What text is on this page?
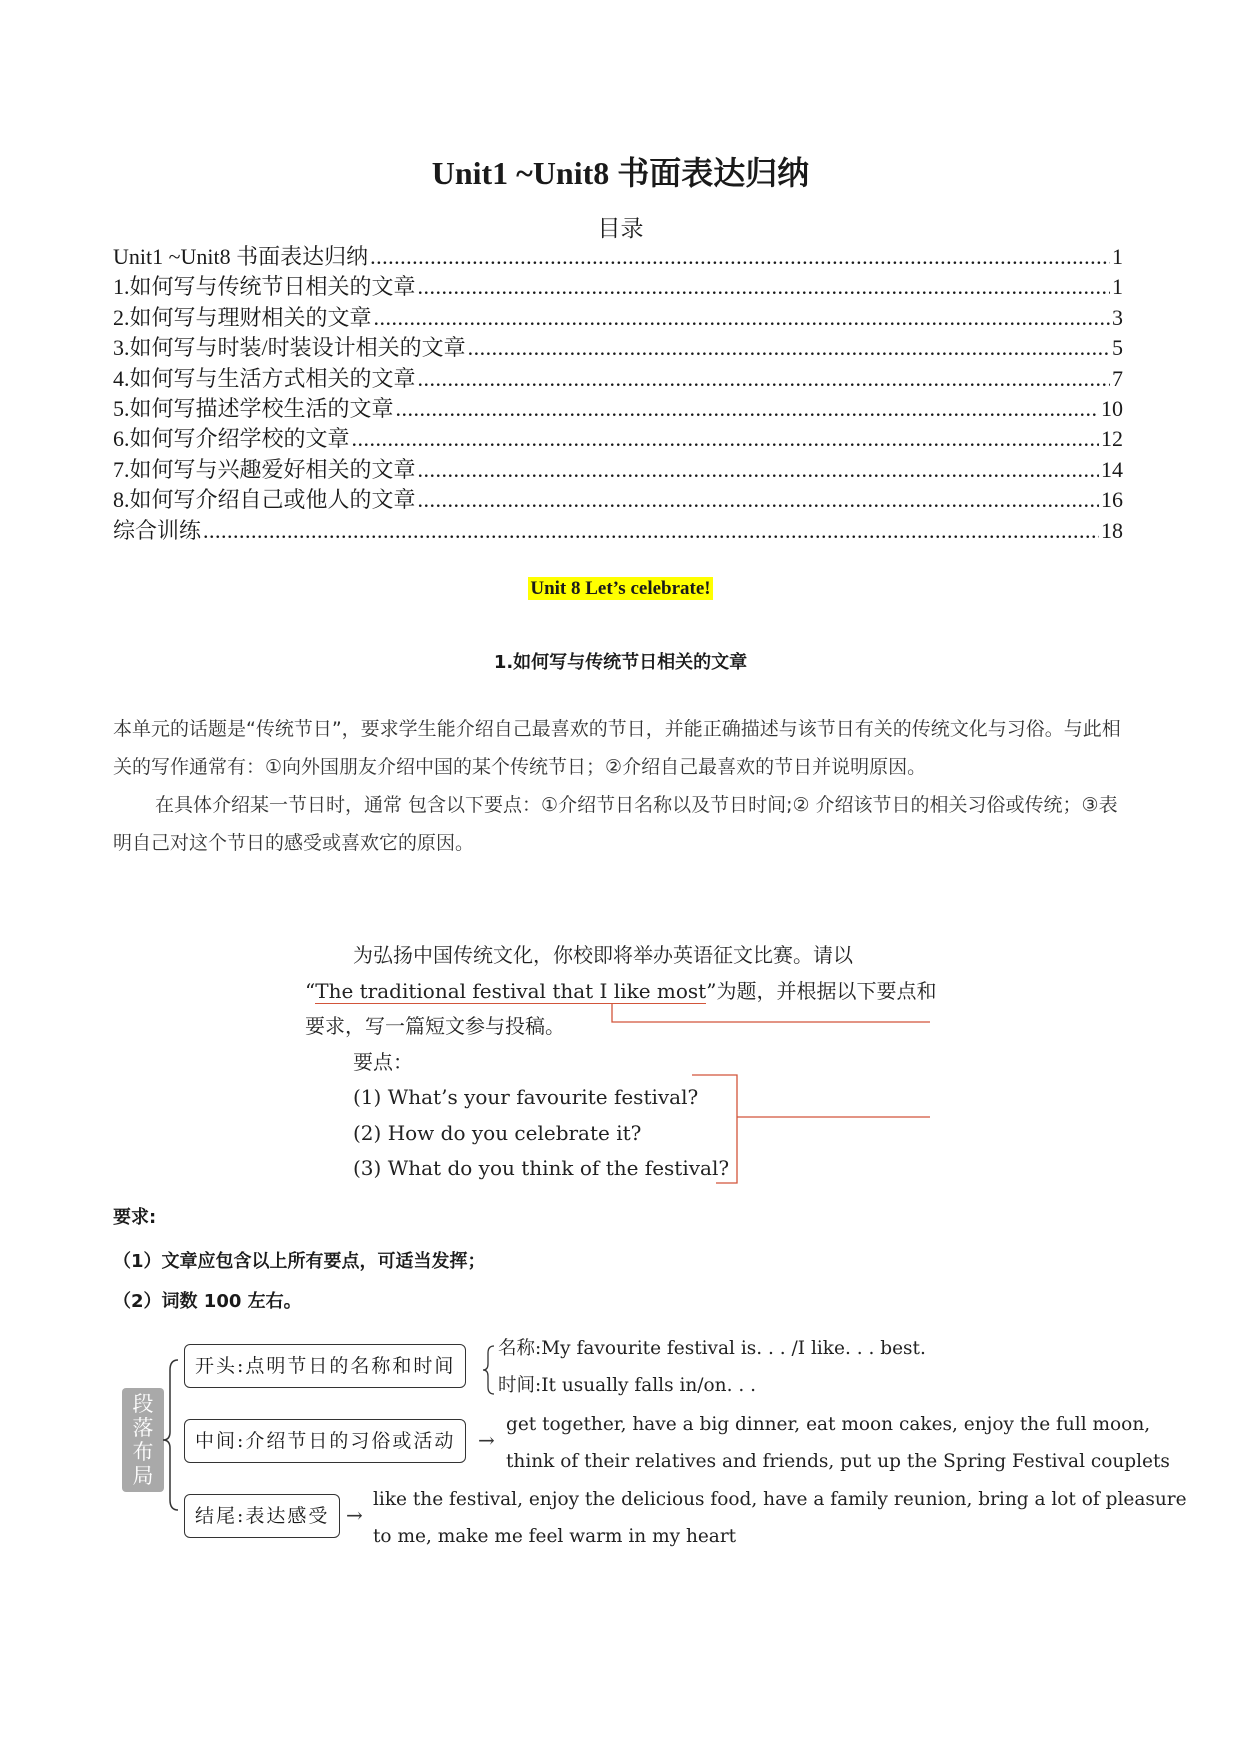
Unit1 ~Unit8 书面表达归纳
目录
Unit1 ~Unit8 书面表达归纳 .....	1
1.如何写与传统节日相关的文章 .....	1
2.如何写与理财相关的文章 .....	3
3.如何写与时装/时装设计相关的文章 .....	5
4.如何写与生活方式相关的文章 .....	7
5.如何写描述学校生活的文章 .....	10
6.如何写介绍学校的文章 .....	12
7.如何写与兴趣爱好相关的文章 .....	14
8.如何写介绍自己或他人的文章 .....	16
综合训练 .....	18
Unit 8 Let’s celebrate!
1.如何写与传统节日相关的文章

本单元的话题是“传统节日”，要求学生能介绍自己最喜欢的节日，并能正确描述与该节日有关的传统文化与习俗。与此相关的写作通常有：①向外国朋友介绍中国的某个传统节日；②介绍自己最喜欢的节日并说明原因。

在具体介绍某一节日时，通常 包含以下要点：①介绍节日名称以及节日时间;② 介绍该节日的相关习俗或传统；③表明自己对这个节日的感受或喜欢它的原因。

为弘扬中国传统文化，你校即将举办英语征文比赛。请以

“The traditional festival that I like most”为题，并根据以下要点和

要求，写一篇短文参与投稿。

要点：

(1) What’s your favourite festival?

(2) How do you celebrate it?

(3) What do you think of the festival?

要求:
（1）文章应包含以上所有要点，可适当发挥；
（2）词数 100 左右。
段
落
布
局
开头:点明节日的名称和时间
名称:My favourite festival is. . . /I like. . . best.
时间:It usually falls in/on. . .
中间:介绍节日的习俗或活动	→
get together, have a big dinner, eat moon cakes, enjoy the full moon,
think of their relatives and friends, put up the Spring Festival couplets
结尾:表达感受 →
like the festival, enjoy the delicious food, have a family reunion, bring a lot of pleasure
to me, make me feel warm in my heart
